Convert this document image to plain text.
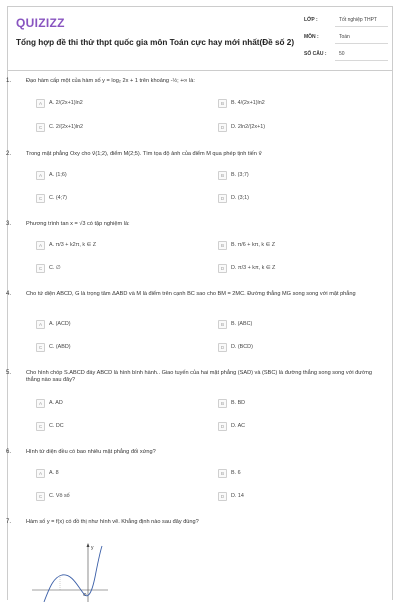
QUIZIZZ
Tổng hợp đề thi thử thpt quốc gia môn Toán cực hay mới nhất(Đề số 2)
LỚP :	Tốt nghiệp THPT
MÔN :	Toán
SỐ CÂU :	50
1.	Đạo hàm cấp một của hàm số y = log₂ 2x + 1 trên khoảng -½; +∞ là:
A	A. 2/(2x+1)ln2	B	B. 4/(2x+1)ln2
C	C. 2/(2x+1)ln2	D	D. 2ln2/(2x+1)
2.	Trong mặt phẳng Oxy cho v⃗(1;2), điểm M(2;5). Tìm tọa độ ảnh của điểm M qua phép tịnh tiến v⃗
A	A. (1;6)	B	B. (3;7)
C	C. (4;7)	D	D. (3;1)
3.	Phương trình tan x = √3 có tập nghiệm là:
A	A. π/3 + k2π, k ∈ Z	B	B. π/6 + kπ, k ∈ Z
C	C. ∅	D	D. π/3 + kπ, k ∈ Z
4.	Cho tứ diện ABCD, G là trọng tâm ΔABD và M là điểm trên cạnh BC sao cho BM = 2MC. Đường thẳng MG song song với mặt phẳng
A	A. (ACD)	B	B. (ABC)
C	C. (ABD)	D	D. (BCD)
5.	Cho hình chóp S.ABCD đáy ABCD là hình bình hành.. Giao tuyến của hai mặt phẳng (SAD) và (SBC) là đường thẳng song song với đường thẳng nào sau đây?
A	A. AD	B	B. BD
C	C. DC	D	D. AC
6.	Hình tứ diện đều có bao nhiêu mặt phẳng đối xứng?
A	A. 8	B	B. 6
C	C. Vô số	D	D. 14
7.	Hàm số y = f(x) có đồ thị như hình vẽ. Khẳng định nào sau đây đúng?
y
O
